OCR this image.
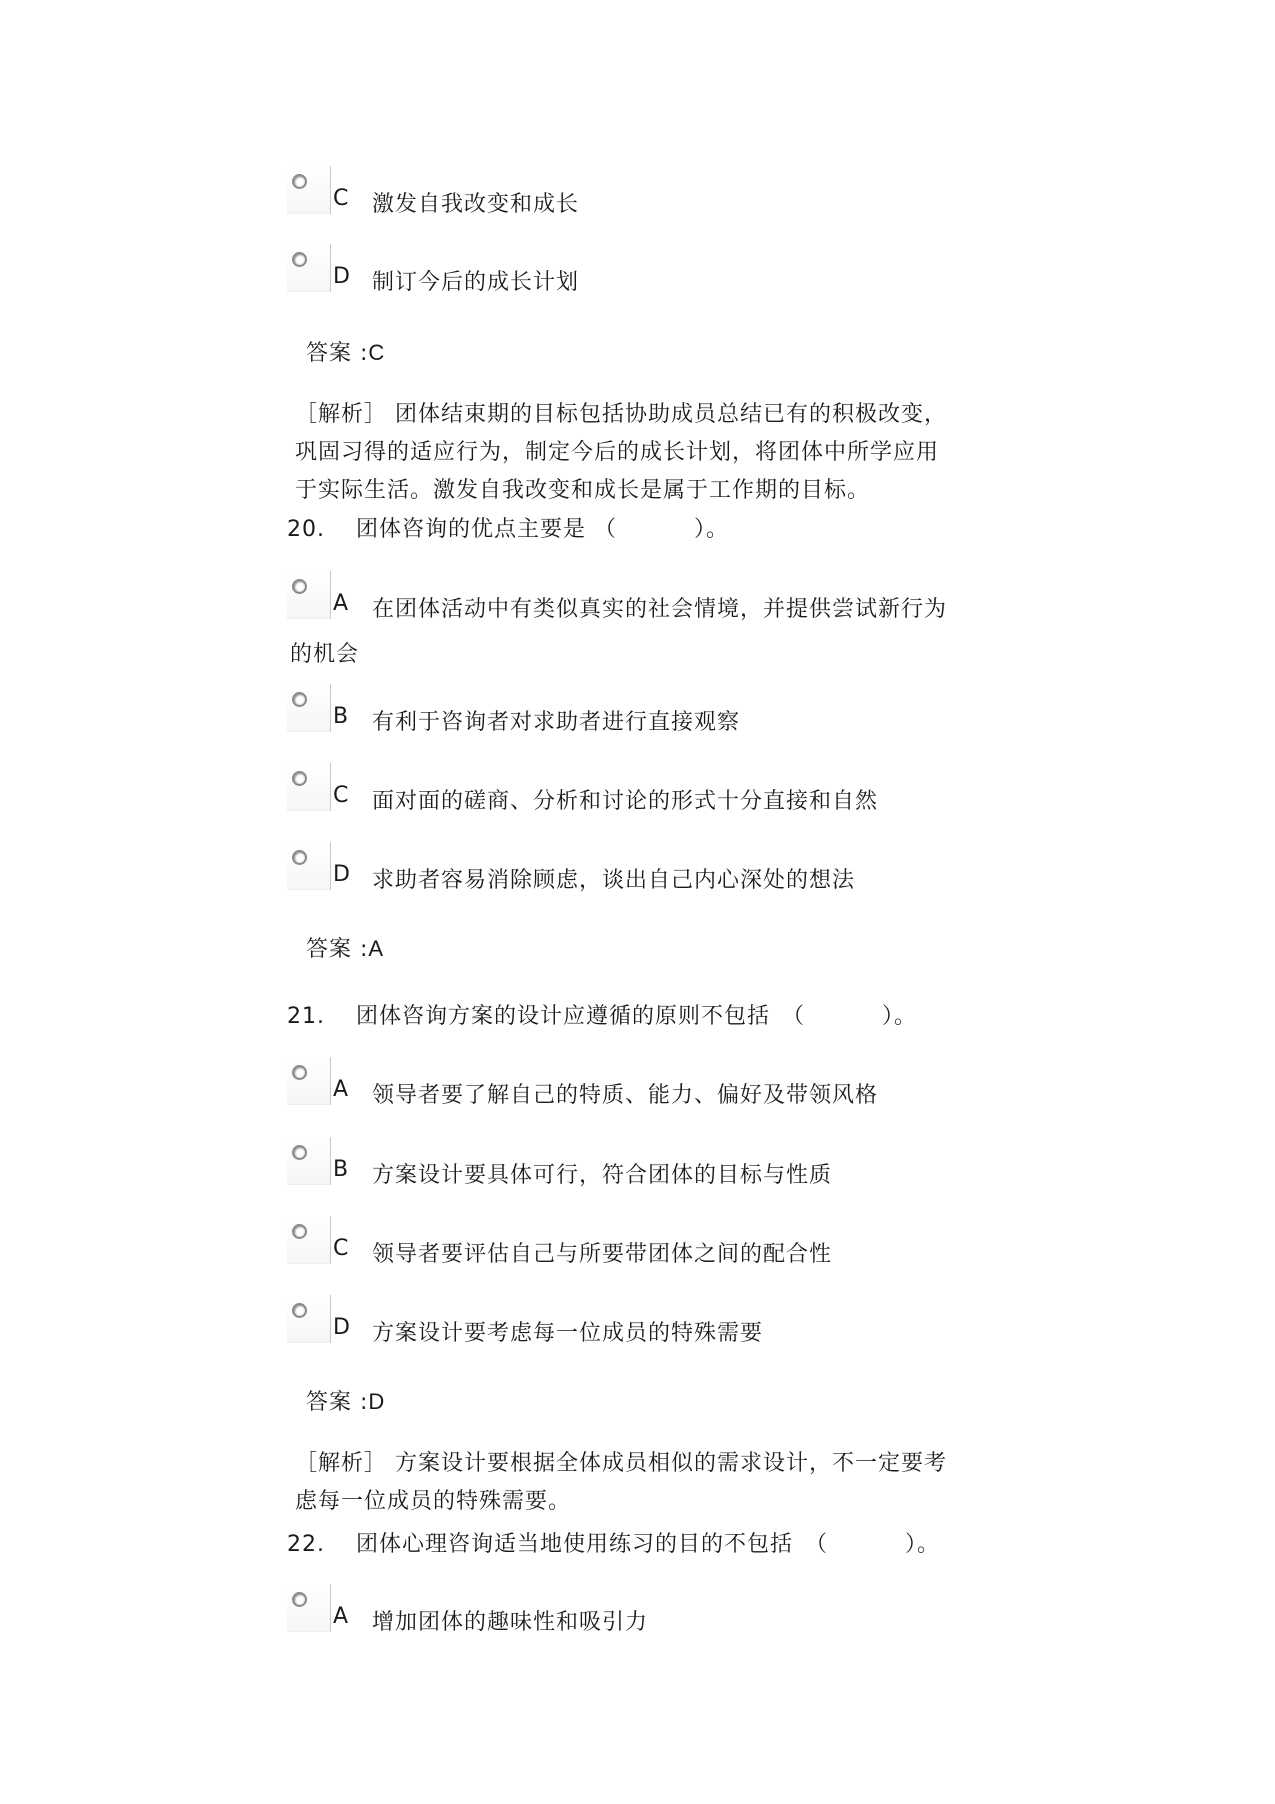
C 激发自我改变和成长
D 制订今后的成长计划
答案 :C
［解析］ 团体结束期的目标包括协助成员总结已有的积极改变，
巩固习得的适应行为，制定今后的成长计划，将团体中所学应用
于实际生活。激发自我改变和成长是属于工作期的目标。
20. 团体咨询的优点主要是 （　　　 ）。
A 在团体活动中有类似真实的社会情境，并提供尝试新行为
的机会
B 有利于咨询者对求助者进行直接观察
C 面对面的磋商、分析和讨论的形式十分直接和自然
D 求助者容易消除顾虑，谈出自己内心深处的想法
答案 :A
21. 团体咨询方案的设计应遵循的原则不包括　（　　　 ）。
A 领导者要了解自己的特质、能力、偏好及带领风格
B 方案设计要具体可行，符合团体的目标与性质
C 领导者要评估自己与所要带团体之间的配合性
D 方案设计要考虑每一位成员的特殊需要
答案 :D
［解析］ 方案设计要根据全体成员相似的需求设计，不一定要考
虑每一位成员的特殊需要。
22. 团体心理咨询适当地使用练习的目的不包括　（　　　 ）。
A 增加团体的趣味性和吸引力
